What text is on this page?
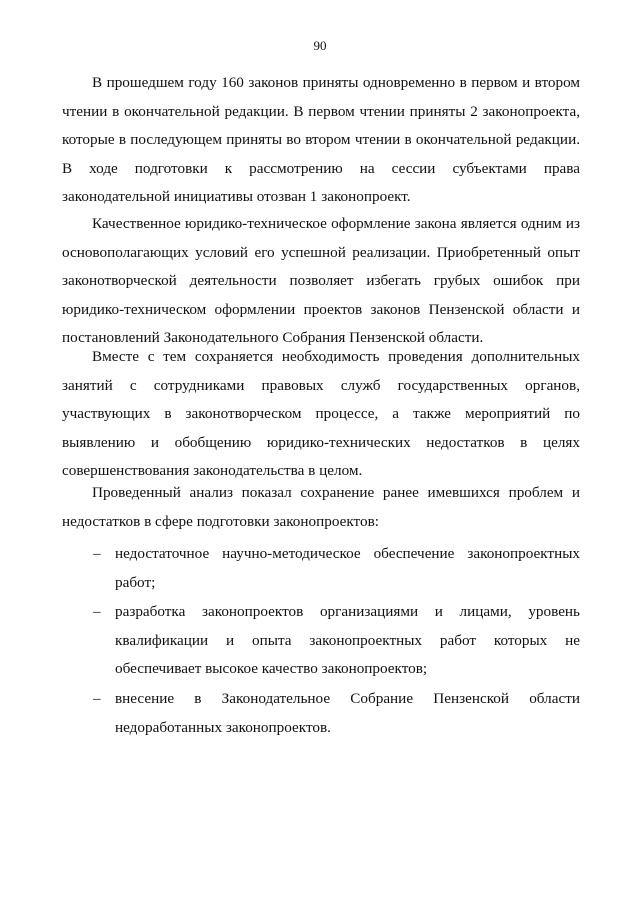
90

В прошедшем году 160 законов приняты одновременно в первом и втором чтении в окончательной редакции. В первом чтении приняты 2 законопроекта, которые в последующем приняты во втором чтении в окончательной редакции. В ходе подготовки к рассмотрению на сессии субъектами права законодательной инициативы отозван 1 законопроект.

Качественное юридико-техническое оформление закона является одним из основополагающих условий его успешной реализации. Приобретенный опыт законотворческой деятельности позволяет избегать грубых ошибок при юридико-техническом оформлении проектов законов Пензенской области и постановлений Законодательного Собрания Пензенской области.

Вместе с тем сохраняется необходимость проведения дополнительных занятий с сотрудниками правовых служб государственных органов, участвующих в законотворческом процессе, а также мероприятий по выявлению и обобщению юридико-технических недостатков в целях совершенствования законодательства в целом.

Проведенный анализ показал сохранение ранее имевшихся проблем и недостатков в сфере подготовки законопроектов:

– недостаточное научно-методическое обеспечение законопроектных работ;
– разработка законопроектов организациями и лицами, уровень квалификации и опыта законопроектных работ которых не обеспечивает высокое качество законопроектов;
– внесение в Законодательное Собрание Пензенской области недоработанных законопроектов.
